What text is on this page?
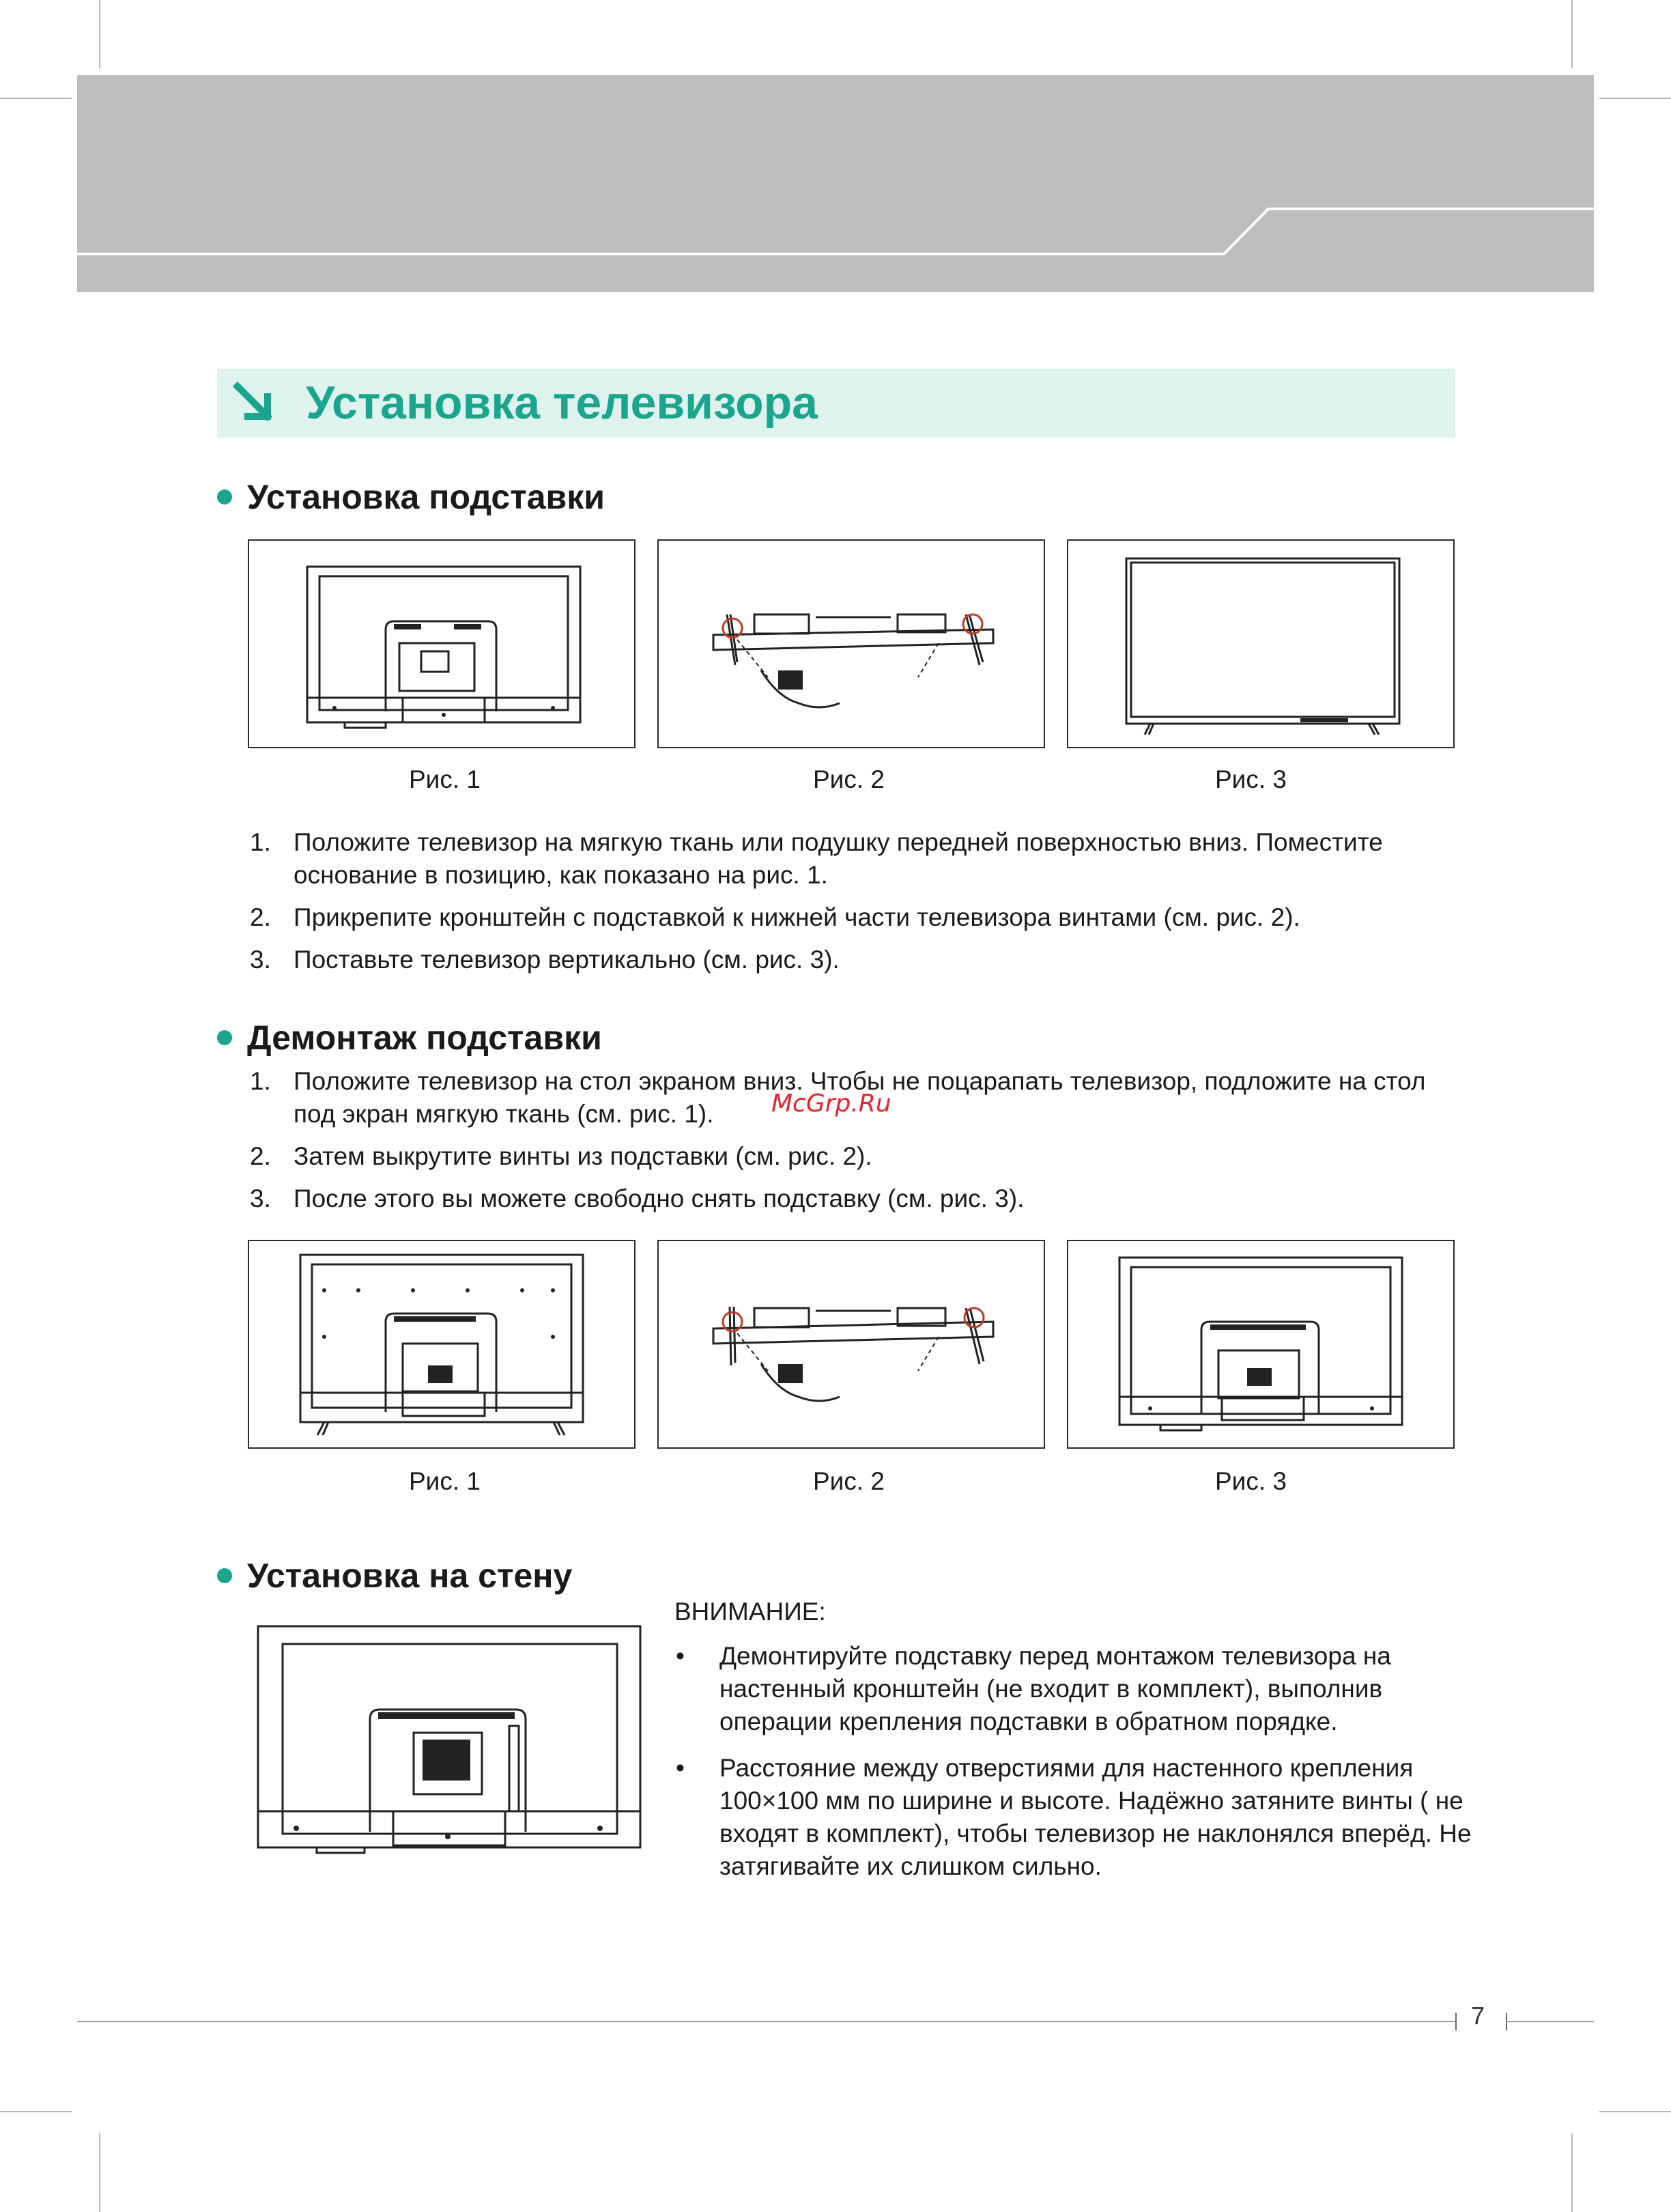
Установка телевизора
Установка подставки
Рис. 1	Рис. 2	Рис. 3
1. Положите телевизор на мягкую ткань или подушку передней поверхностью вниз. Поместите основание в позицию, как показано на рис. 1.
2. Прикрепите кронштейн с подставкой к нижней части телевизора винтами (см. рис. 2).
3. Поставьте телевизор вертикально (см. рис. 3).
Демонтаж подставки
1. Положите телевизор на стол экраном вниз. Чтобы не поцарапать телевизор, подложите на стол под экран мягкую ткань (см. рис. 1).
2. Затем выкрутите винты из подставки (см. рис. 2).
3. После этого вы можете свободно снять подставку (см. рис. 3).
McGrp.Ru
Рис. 1	Рис. 2	Рис. 3
Установка на стену
ВНИМАНИЕ:
• Демонтируйте подставку перед монтажом телевизора на настенный кронштейн (не входит в комплект), выполнив операции крепления подставки в обратном порядке.
• Расстояние между отверстиями для настенного крепления 100×100 мм по ширине и высоте. Надёжно затяните винты ( не входят в комплект), чтобы телевизор не наклонялся вперёд. Не затягивайте их слишком сильно.
7
